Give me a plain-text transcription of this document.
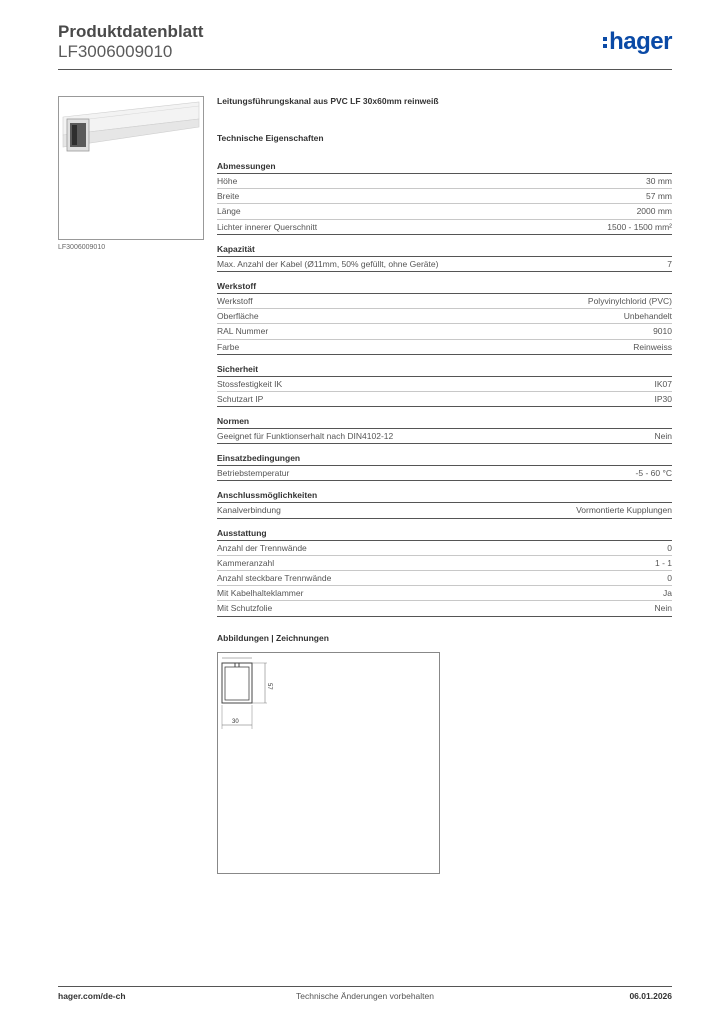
Produktdatenblatt
LF3006009010	hager
LF3006009010
Leitungsführungskanal aus PVC LF 30x60mm reinweiß
Technische Eigenschaften
Abmessungen
Höhe	30 mm
Breite	57 mm
Länge	2000 mm
Lichter innerer Querschnitt	1500 - 1500 mm²
Kapazität
Max. Anzahl der Kabel (Ø11mm, 50% gefüllt, ohne Geräte)	7
Werkstoff
Werkstoff	Polyvinylchlorid (PVC)
Oberfläche	Unbehandelt
RAL Nummer	9010
Farbe	Reinweiss
Sicherheit
Stossfestigkeit IK	IK07
Schutzart IP	IP30
Normen
Geeignet für Funktionserhalt nach DIN4102-12	Nein
Einsatzbedingungen
Betriebstemperatur	-5 - 60 °C
Anschlussmöglichkeiten
Kanalverbindung	Vormontierte Kupplungen
Ausstattung
Anzahl der Trennwände	0
Kammeranzahl	1 - 1
Anzahl steckbare Trennwände	0
Mit Kabelhalteklammer	Ja
Mit Schutzfolie	Nein
Abbildungen | Zeichnungen
57
30
hager.com/de-ch	Technische Änderungen vorbehalten	06.01.2026
